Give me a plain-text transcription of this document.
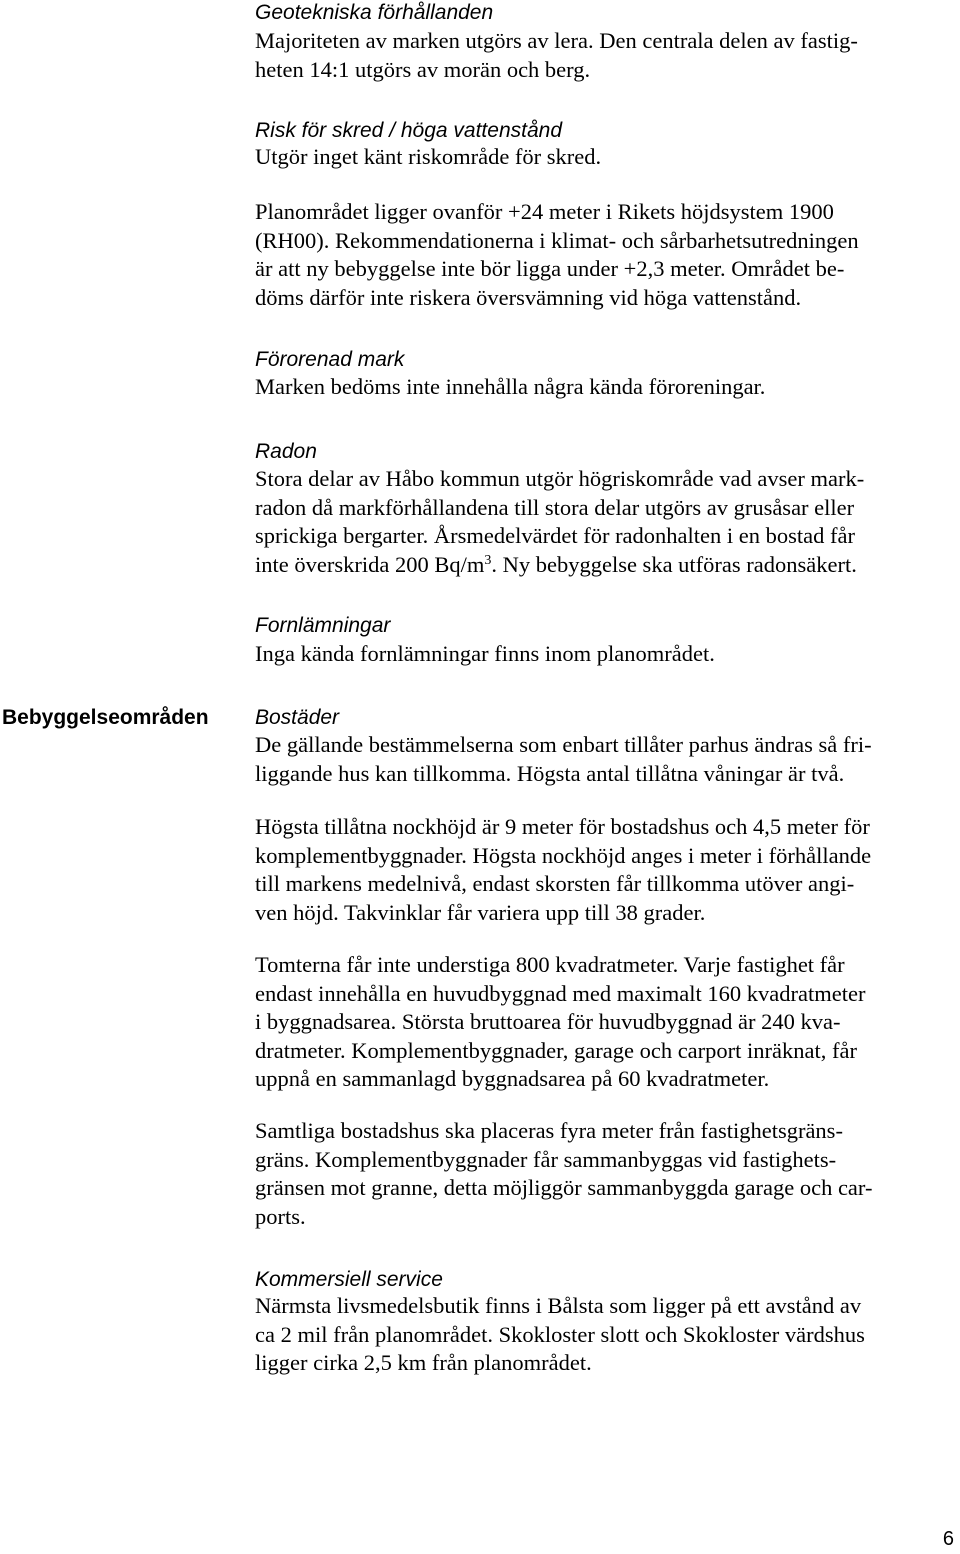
Geotekniska förhållanden
Majoriteten av marken utgörs av lera. Den centrala delen av fastig-
heten 14:1 utgörs av morän och berg.
Risk för skred / höga vattenstånd
Utgör inget känt riskområde för skred.
Planområdet ligger ovanför +24 meter i Rikets höjdsystem 1900
(RH00). Rekommendationerna i klimat- och sårbarhetsutredningen
är att ny bebyggelse inte bör ligga under +2,3 meter. Området be-
döms därför inte riskera översvämning vid höga vattenstånd.
Förorenad mark
Marken bedöms inte innehålla några kända föroreningar.
Radon
Stora delar av Håbo kommun utgör högriskområde vad avser mark-
radon då markförhållandena till stora delar utgörs av grusåsar eller
sprickiga bergarter. Årsmedelvärdet för radonhalten i en bostad får
inte överskrida 200 $Bq/m^3$. Ny bebyggelse ska utföras radonsäkert.
Fornlämningar
Inga kända fornlämningar finns inom planområdet.
Bebyggelseområden Bostäder
De gällande bestämmelserna som enbart tillåter parhus ändras så fri-
liggande hus kan tillkomma. Högsta antal tillåtna våningar är två.
Högsta tillåtna nockhöjd är 9 meter för bostadshus och 4,5 meter för
komplementbyggnader. Högsta nockhöjd anges i meter i förhållande
till markens medelnivå, endast skorsten får tillkomma utöver angi-
ven höjd. Takvinklar får variera upp till 38 grader.
Tomterna får inte understiga 800 kvadratmeter. Varje fastighet får
endast innehålla en huvudbyggnad med maximalt 160 kvadratmeter
i byggnadsarea. Största bruttoarea för huvudbyggnad är 240 kva-
dratmeter. Komplementbyggnader, garage och carport inräknat, får
uppnå en sammanlagd byggnadsarea på 60 kvadratmeter.
Samtliga bostadshus ska placeras fyra meter från fastighetsgräns-
gräns. Komplementbyggnader får sammanbyggas vid fastighets-
gränsen mot granne, detta möjliggör sammanbyggda garage och car-
ports.
Kommersiell service
Närmsta livsmedelsbutik finns i Bålsta som ligger på ett avstånd av
ca 2 mil från planområdet. Skokloster slott och Skokloster värdshus
ligger cirka 2,5 km från planområdet.
6
